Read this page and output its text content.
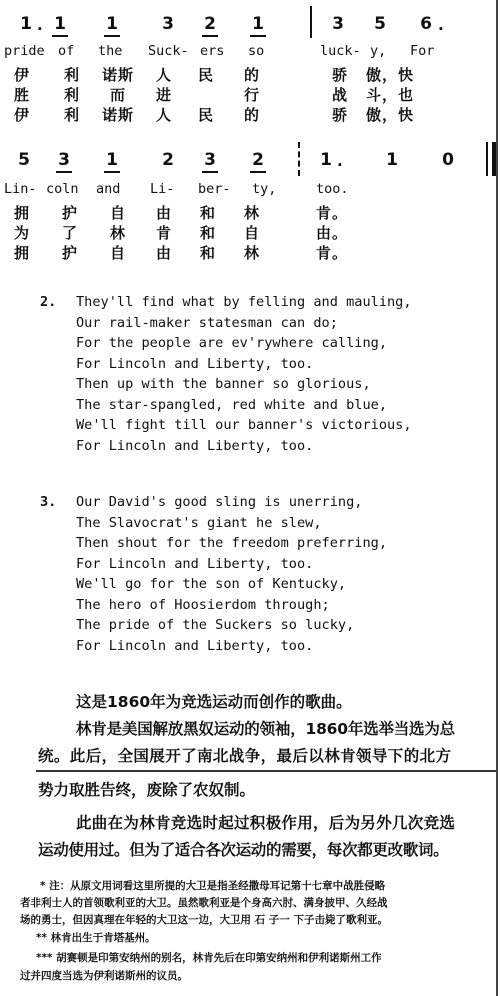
1 . 1 1	3 2 1	3 5 6 .
pride of the Suck- ers so	luck- y, For
伊 利 诺斯 人 民 的	骄 傲，快
胜 利 而 进	行	战 斗，也
伊 利 诺斯 人 民 的	骄 傲，快
5 3 1	2 3 2	1 .	1	0
Lin- coln and Li- ber- ty,	too.
拥 护 自 由 和 林	肯。
为 了 林 肯 和 自	由。
拥 护 自 由 和 林	肯。
2. They'll find what by felling and mauling,
Our rail-maker statesman can do;
For the people are ev'rywhere calling,
For Lincoln and Liberty, too.
Then up with the banner so glorious,
The star-spangled, red white and blue,
We'll fight till our banner's victorious,
For Lincoln and Liberty, too.
3. Our David's good sling is unerring,
The Slavocrat's giant he slew,
Then shout for the freedom preferring,
For Lincoln and Liberty, too.
We'll go for the son of Kentucky,
The hero of Hoosierdom through;
The pride of the Suckers so lucky,
For Lincoln and Liberty, too.
这是1860年为竞选运动而创作的歌曲。
林肯是美国解放黑奴运动的领袖，1860年选举当选为总
统。此后，全国展开了南北战争，最后以林肯领导下的北方
势力取胜告终，废除了农奴制。
此曲在为林肯竞选时起过积极作用，后为另外几次竞选
运动使用过。但为了适合各次运动的需要，每次都更改歌词。
* 注：从原文用词看这里所提的大卫是指圣经撒母耳记第十七章中战胜侵略
者非利士人的首领歌利亚的大卫。虽然歌利亚是个身高六肘、满身披甲、久经战
场的勇士，但因真理在年轻的大卫这一边，大卫用 石 子一 下子击毙了歌利亚。
** 林肯出生于肯塔基州。
*** 胡赛顿是印第安纳州的别名，林肯先后在印第安纳州和伊利诺斯州工作
过并四度当选为伊利诺斯州的议员。
